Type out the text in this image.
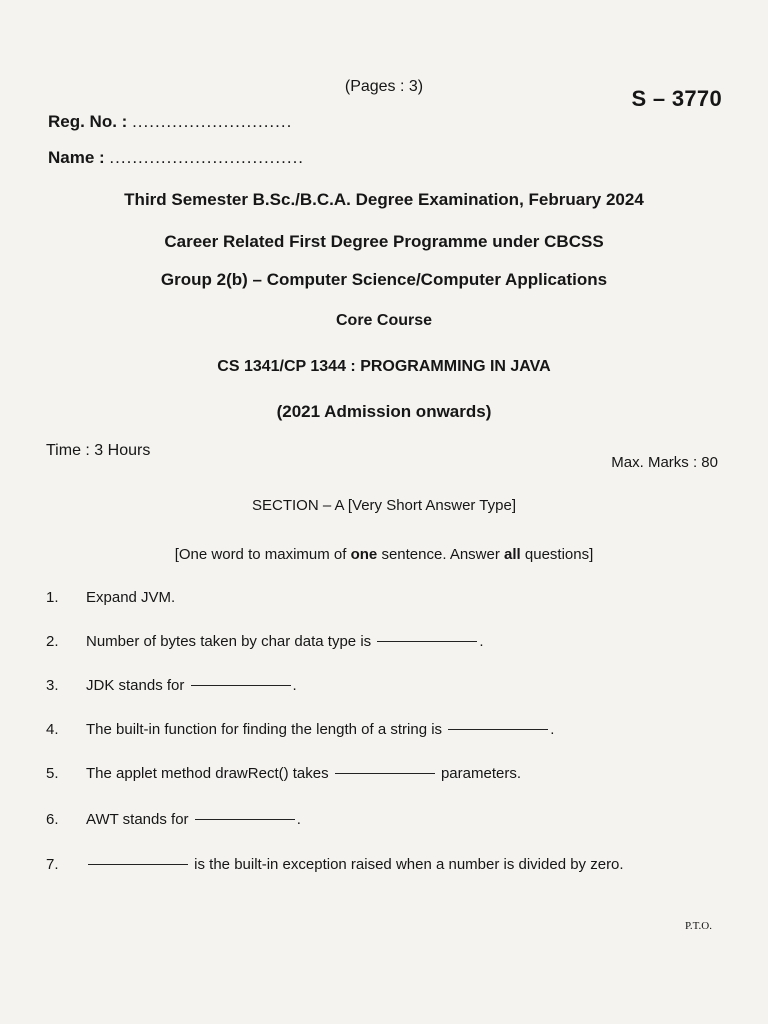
(Pages : 3)	S – 3770
Reg. No. : ............................
Name : ..................................
Third Semester B.Sc./B.C.A. Degree Examination, February 2024
Career Related First Degree Programme under CBCSS
Group 2(b) – Computer Science/Computer Applications
Core Course
CS 1341/CP 1344 : PROGRAMMING IN JAVA
(2021 Admission onwards)
Time : 3 Hours
Max. Marks : 80
SECTION – A [Very Short Answer Type]
[One word to maximum of one sentence. Answer all questions]
1. Expand JVM.
2. Number of bytes taken by char data type is	.
3. JDK stands for	.
4. The built-in function for finding the length of a string is	.
5. The applet method drawRect() takes	parameters.
6. AWT stands for	.
7.	is the built-in exception raised when a number is divided by zero.
P.T.O.
